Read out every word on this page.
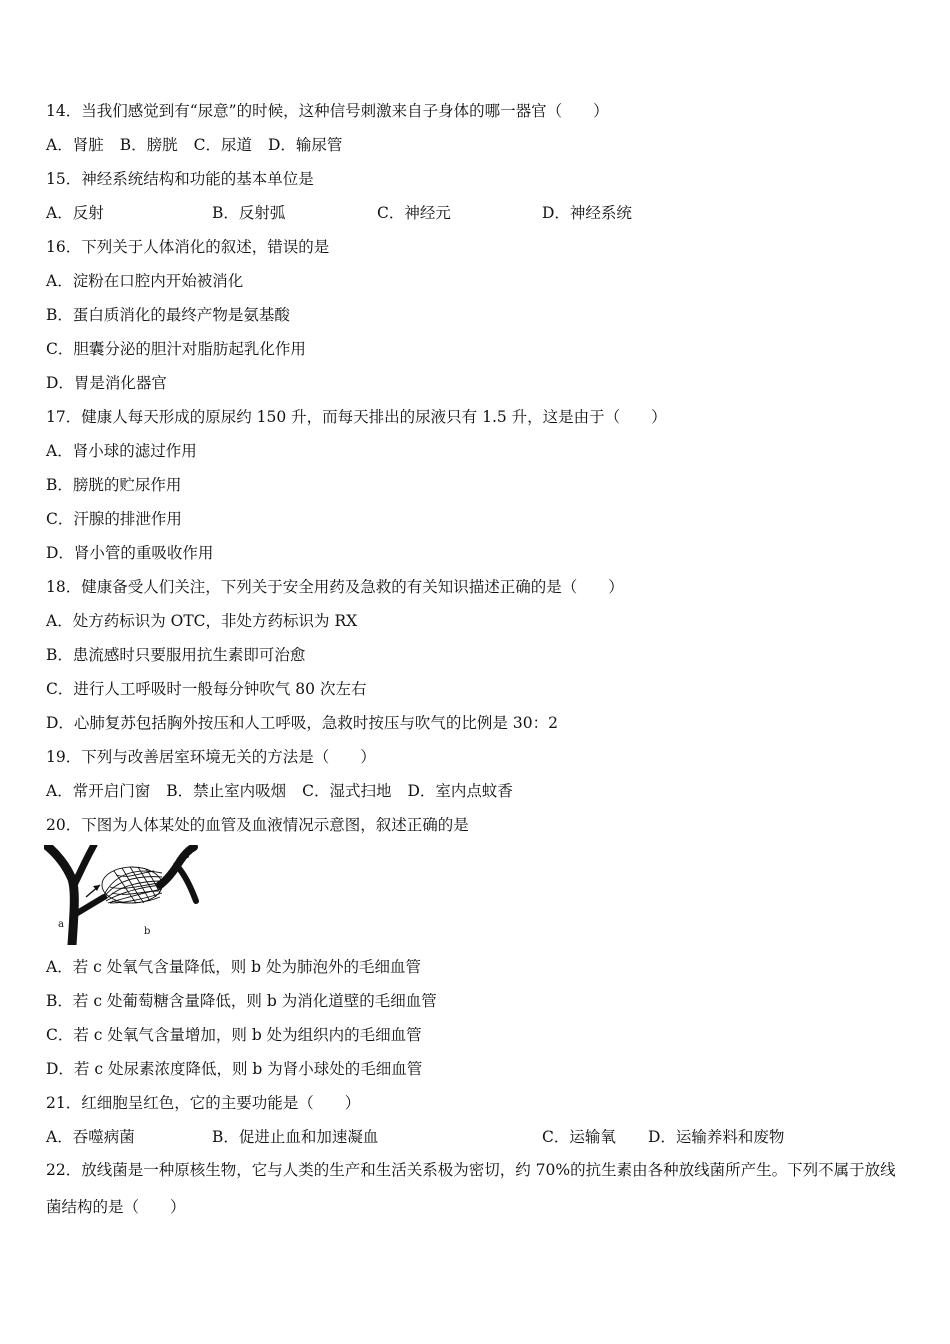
14．当我们感觉到有“尿意”的时候，这种信号刺激来自子身体的哪一器官（　　）
A．肾脏 B．膀胱 C．尿道 D．输尿管
15．神经系统结构和功能的基本单位是
A．反射	B．反射弧	C．神经元	D．神经系统
16．下列关于人体消化的叙述，错误的是
A．淀粉在口腔内开始被消化
B．蛋白质消化的最终产物是氨基酸
C．胆囊分泌的胆汁对脂肪起乳化作用
D．胃是消化器官
17．健康人每天形成的原尿约 150 升，而每天排出的尿液只有 1.5 升，这是由于（　　）
A．肾小球的滤过作用
B．膀胱的贮尿作用
C．汗腺的排泄作用
D．肾小管的重吸收作用
18．健康备受人们关注，下列关于安全用药及急救的有关知识描述正确的是（　　）
A．处方药标识为 OTC，非处方药标识为 RX
B．患流感时只要服用抗生素即可治愈
C．进行人工呼吸时一般每分钟吹气 80 次左右
D．心肺复苏包括胸外按压和人工呼吸，急救时按压与吹气的比例是 30：2
19．下列与改善居室环境无关的方法是（　　）
A．常开启门窗 B．禁止室内吸烟 C．湿式扫地 D．室内点蚊香
20．下图为人体某处的血管及血液情况示意图，叙述正确的是
a
b
c
A．若 c 处氧气含量降低，则 b 处为肺泡外的毛细血管
B．若 c 处葡萄糖含量降低，则 b 为消化道壁的毛细血管
C．若 c 处氧气含量增加，则 b 处为组织内的毛细血管
D．若 c 处尿素浓度降低，则 b 为肾小球处的毛细血管
21．红细胞呈红色，它的主要功能是（　　）
A．吞噬病菌	B．促进止血和加速凝血	C．运输氧 D．运输养料和废物
22．放线菌是一种原核生物，它与人类的生产和生活关系极为密切，约 70%的抗生素由各种放线菌所产生。下列不属于放线菌结构的是（　　）
